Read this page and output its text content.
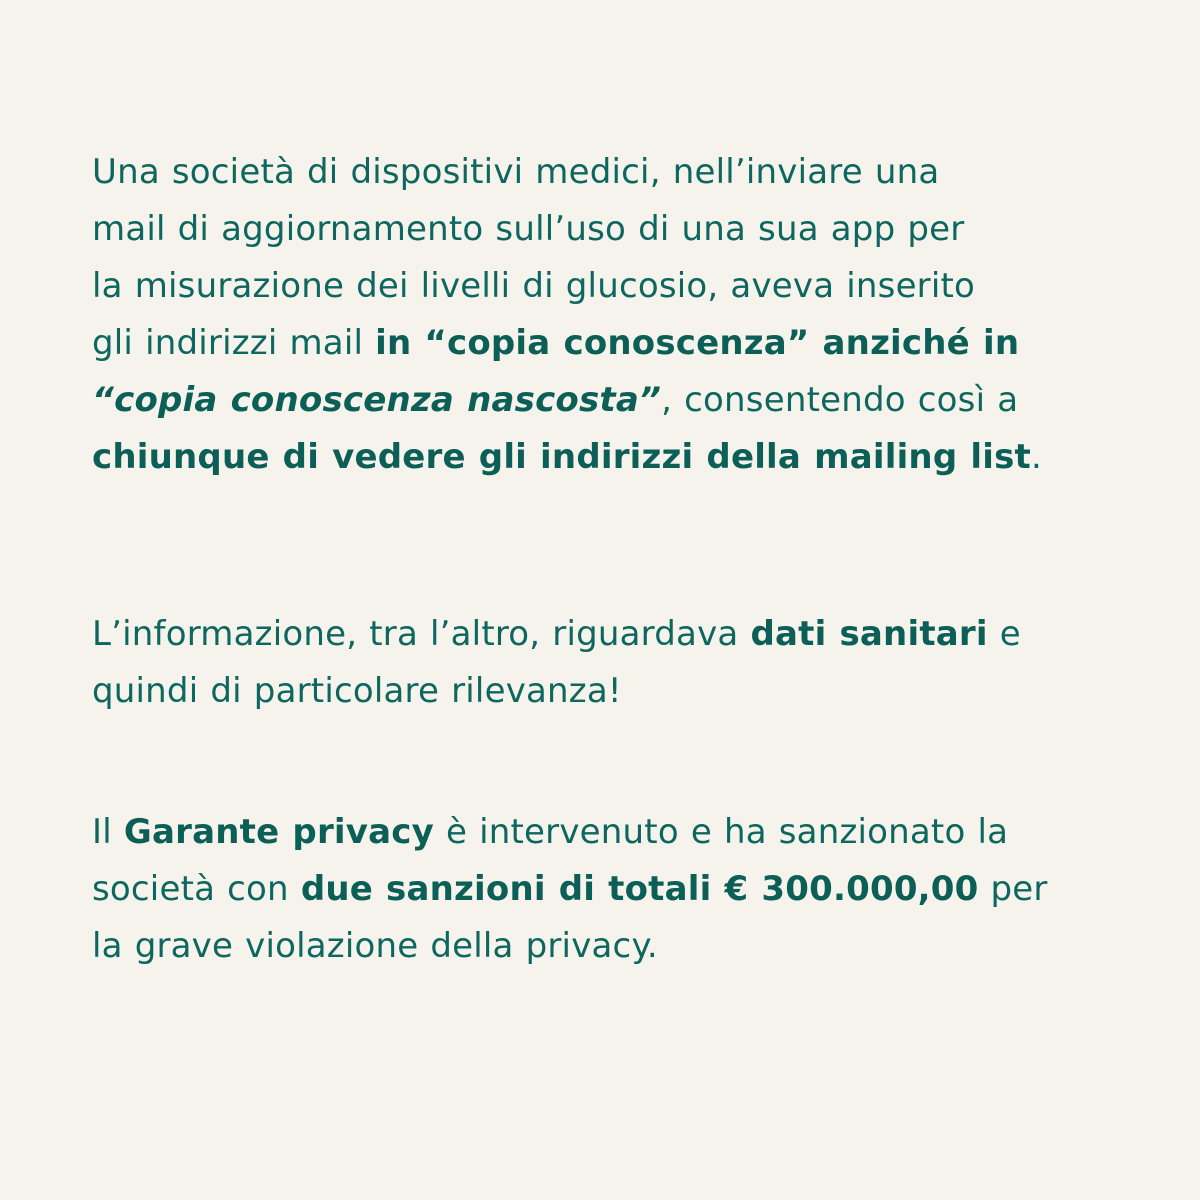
Una società di dispositivi medici, nell’inviare una
mail di aggiornamento sull’uso di una sua app per
la misurazione dei livelli di glucosio, aveva inserito
gli indirizzi mail in “copia conoscenza” anziché in
“copia conoscenza nascosta”, consentendo così a
chiunque di vedere gli indirizzi della mailing list.
L’informazione, tra l’altro, riguardava dati sanitari e
quindi di particolare rilevanza!
Il Garante privacy è intervenuto e ha sanzionato la
società con due sanzioni di totali € 300.000,00 per
la grave violazione della privacy.
